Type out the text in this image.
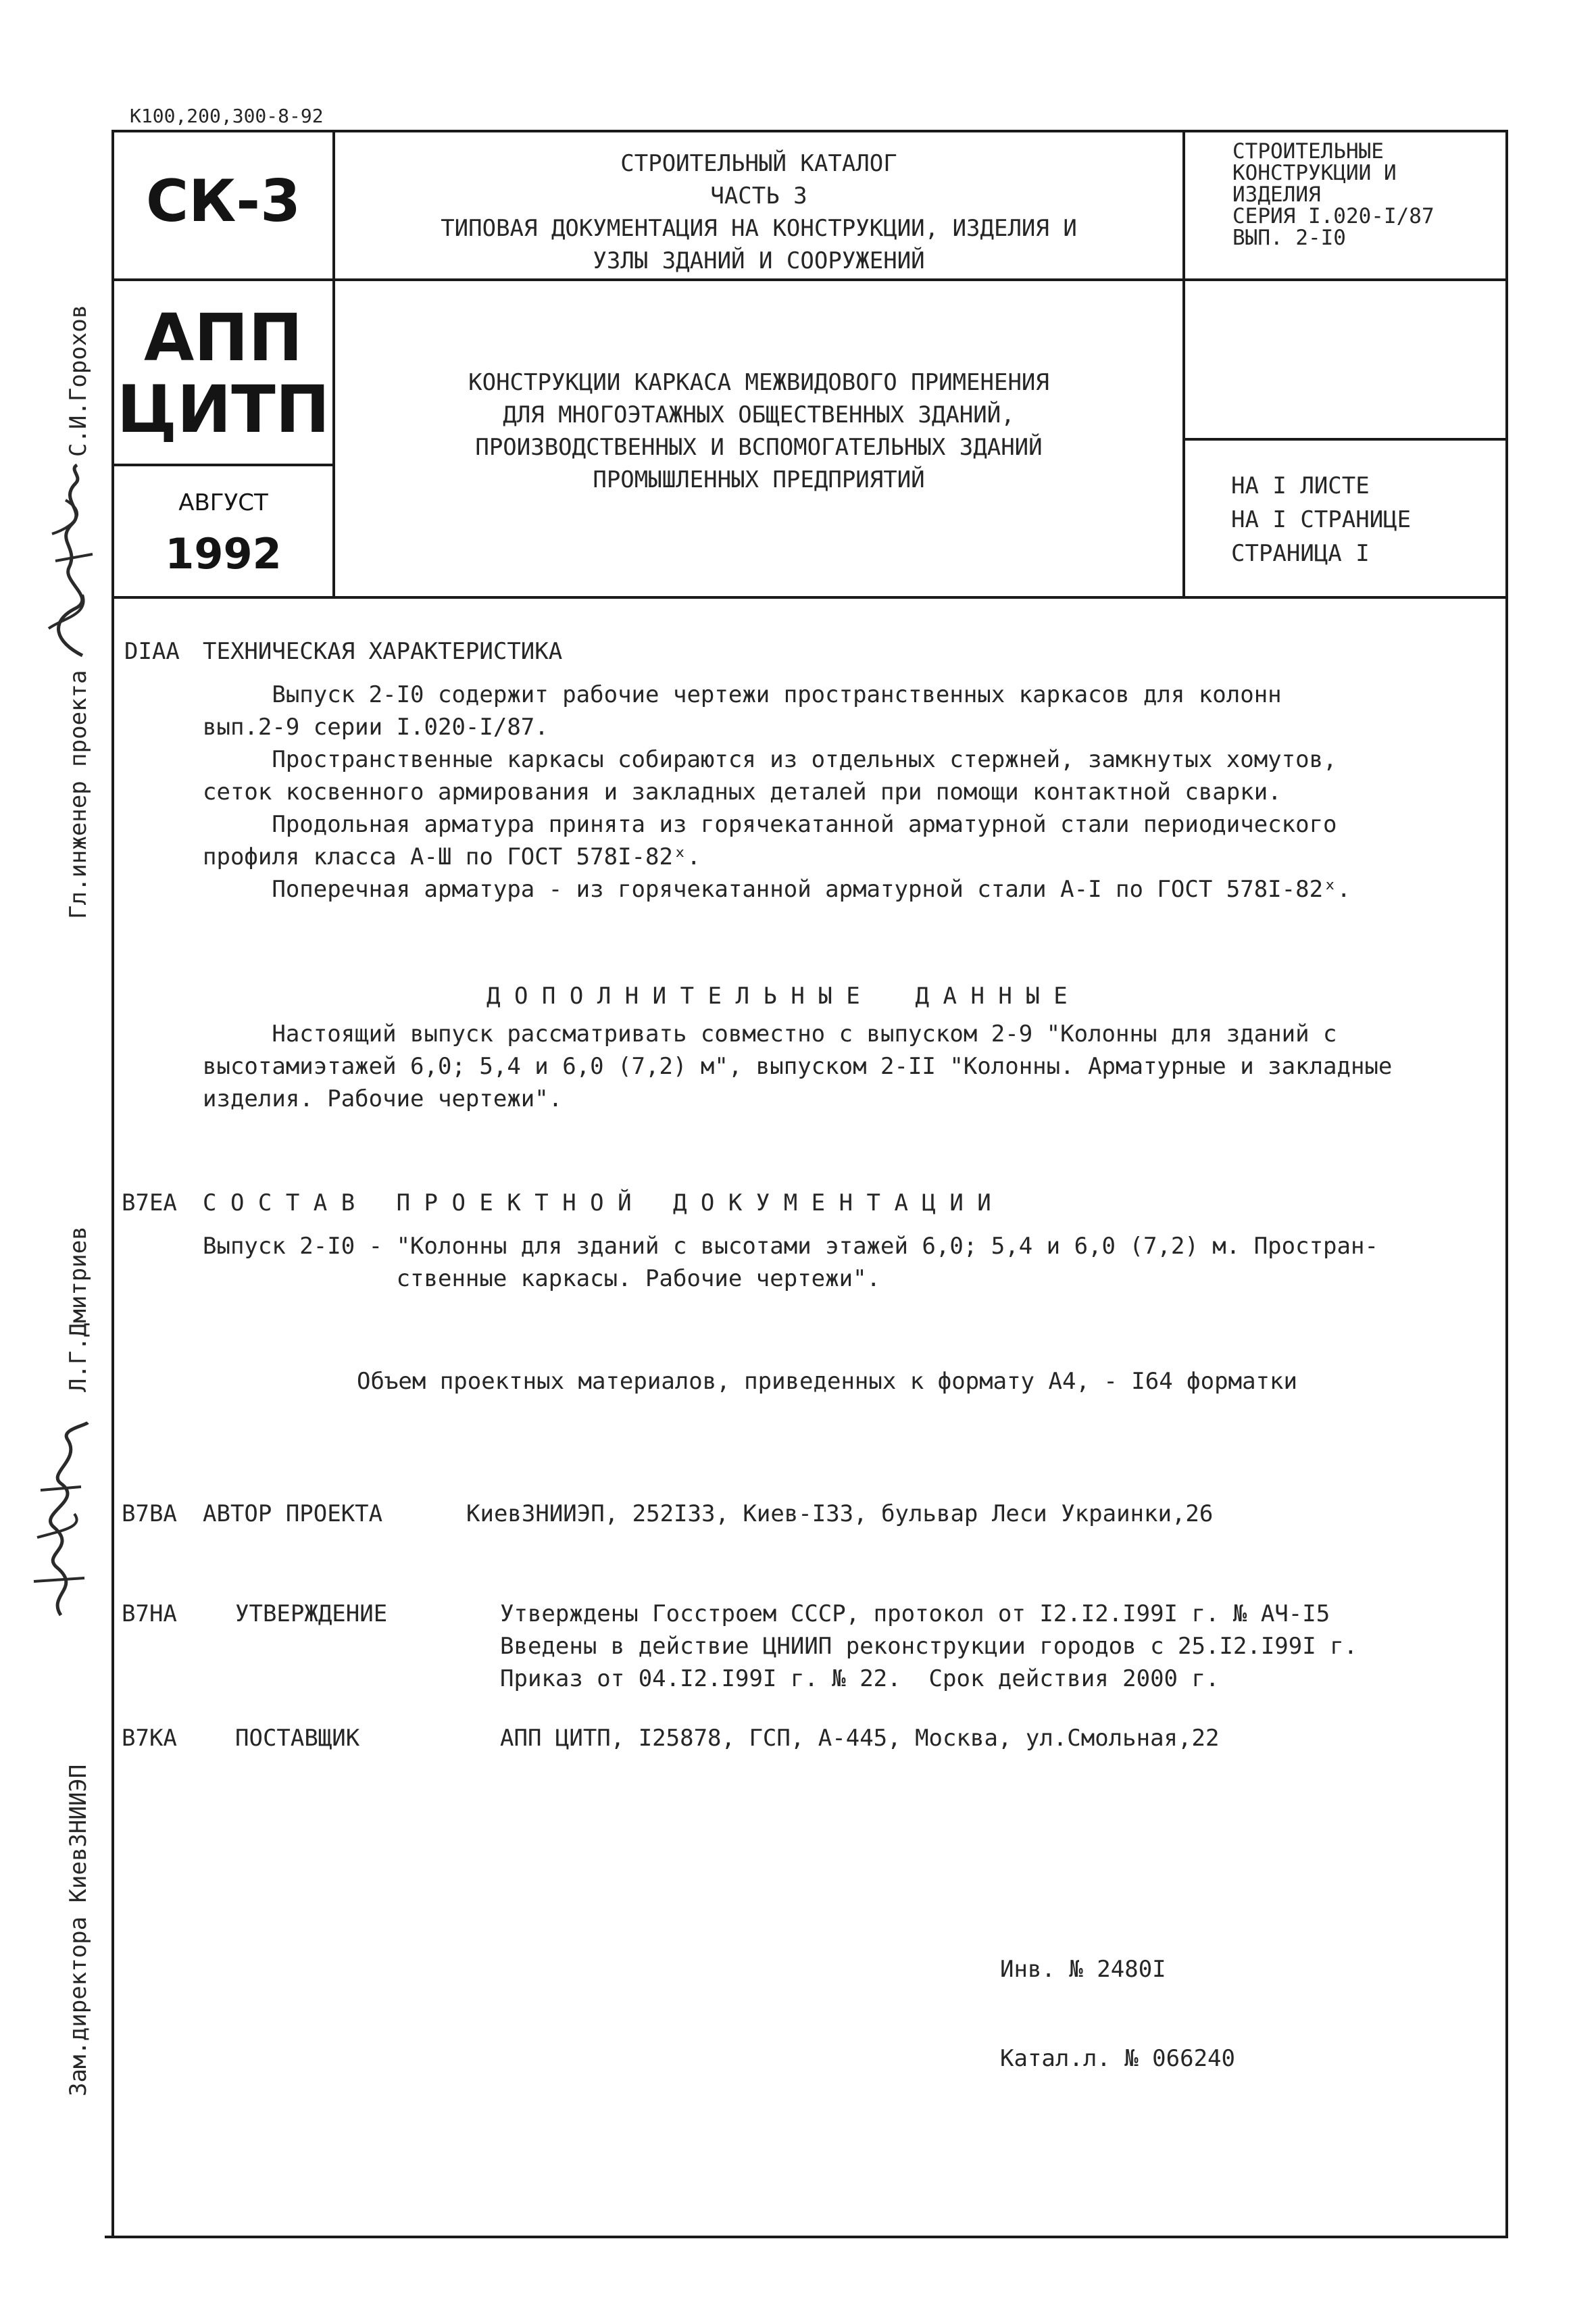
К100,200,300-8-92
СК-3
АПП
ЦИТП
АВГУСТ
1992
СТРОИТЕЛЬНЫЙ КАТАЛОГ
ЧАСТЬ 3
ТИПОВАЯ ДОКУМЕНТАЦИЯ НА КОНСТРУКЦИИ, ИЗДЕЛИЯ И
УЗЛЫ ЗДАНИЙ И СООРУЖЕНИЙ
КОНСТРУКЦИИ КАРКАСА МЕЖВИДОВОГО ПРИМЕНЕНИЯ
ДЛЯ МНОГОЭТАЖНЫХ ОБЩЕСТВЕННЫХ ЗДАНИЙ,
ПРОИЗВОДСТВЕННЫХ И ВСПОМОГАТЕЛЬНЫХ ЗДАНИЙ
ПРОМЫШЛЕННЫХ ПРЕДПРИЯТИЙ
СТРОИТЕЛЬНЫЕ
КОНСТРУКЦИИ И
ИЗДЕЛИЯ
СЕРИЯ I.020-I/87
ВЫП. 2-I0
НА I ЛИСТЕ
НА I СТРАНИЦЕ
СТРАНИЦА I
Гл.инженер проекта
С.И.Горохов
Зам.директора КиевЗНИИЭП
Л.Г.Дмитриев
DIAA ТЕХНИЧЕСКАЯ ХАРАКТЕРИСТИКА
Выпуск 2-I0 содержит рабочие чертежи пространственных каркасов для колонн
вып.2-9 серии I.020-I/87.
Пространственные каркасы собираются из отдельных стержней, замкнутых хомутов,
сеток косвенного армирования и закладных деталей при помощи контактной сварки.
Продольная арматура принята из горячекатанной арматурной стали периодического
профиля класса А-Ш по ГОСТ 578I-82ˣ.
Поперечная арматура - из горячекатанной арматурной стали А-I по ГОСТ 578I-82ˣ.
Д О П О Л Н И Т Е Л Ь Н Ы Е    Д А Н Н Ы Е
Настоящий выпуск рассматривать совместно с выпуском 2-9 "Колонны для зданий с
высотамиэтажей 6,0; 5,4 и 6,0 (7,2) м", выпуском 2-II "Колонны. Арматурные и закладные
изделия. Рабочие чертежи".
B7EA С О С Т А В   П Р О Е К Т Н О Й   Д О К У М Е Н Т А Ц И И
Выпуск 2-I0 - "Колонны для зданий с высотами этажей 6,0; 5,4 и 6,0 (7,2) м. Простран-
ственные каркасы. Рабочие чертежи".
Объем проектных материалов, приведенных к формату А4, - I64 форматки
B7BA АВТОР ПРОЕКТА	КиевЗНИИЭП, 252I33, Киев-I33, бульвар Леси Украинки,26
B7HA	УТВЕРЖДЕНИЕ	Утверждены Госстроем СССР, протокол от I2.I2.I99I г. № АЧ-I5
Введены в действие ЦНИИП реконструкции городов с 25.I2.I99I г.
Приказ от 04.I2.I99I г. № 22.  Срок действия 2000 г.
B7KA	ПОСТАВЩИК	АПП ЦИТП, I25878, ГСП, А-445, Москва, ул.Смольная,22
Инв. № 2480I
Катал.л. № 066240
